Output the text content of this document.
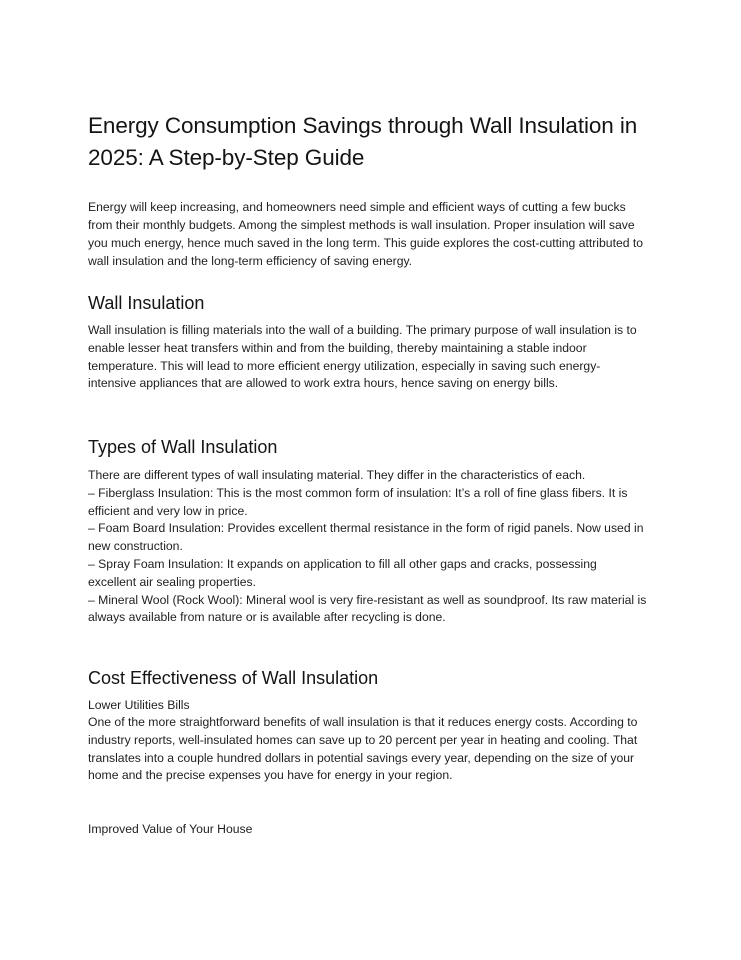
Energy Consumption Savings through Wall Insulation in 2025: A Step-by-Step Guide

Energy will keep increasing, and homeowners need simple and efficient ways of cutting a few bucks from their monthly budgets. Among the simplest methods is wall insulation. Proper insulation will save you much energy, hence much saved in the long term. This guide explores the cost-cutting attributed to wall insulation and the long-term efficiency of saving energy.

Wall Insulation

Wall insulation is filling materials into the wall of a building. The primary purpose of wall insulation is to enable lesser heat transfers within and from the building, thereby maintaining a stable indoor temperature. This will lead to more efficient energy utilization, especially in saving such energy-intensive appliances that are allowed to work extra hours, hence saving on energy bills.

Types of Wall Insulation
There are different types of wall insulating material. They differ in the characteristics of each.
– Fiberglass Insulation: This is the most common form of insulation: It’s a roll of fine glass fibers. It is efficient and very low in price.
– Foam Board Insulation: Provides excellent thermal resistance in the form of rigid panels. Now used in new construction.
– Spray Foam Insulation: It expands on application to fill all other gaps and cracks, possessing excellent air sealing properties.
– Mineral Wool (Rock Wool): Mineral wool is very fire-resistant as well as soundproof. Its raw material is always available from nature or is available after recycling is done.
Cost Effectiveness of Wall Insulation

Lower Utilities Bills

One of the more straightforward benefits of wall insulation is that it reduces energy costs. According to industry reports, well-insulated homes can save up to 20 percent per year in heating and cooling. That translates into a couple hundred dollars in potential savings every year, depending on the size of your home and the precise expenses you have for energy in your region.

Improved Value of Your House
